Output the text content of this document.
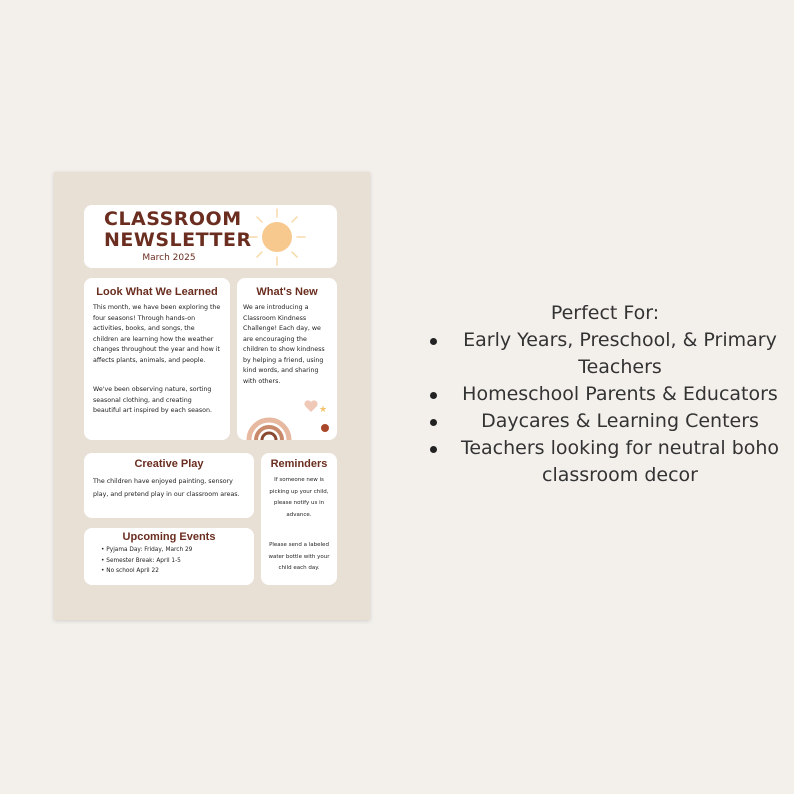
CLASSROOM NEWSLETTER
March 2025
Look What We Learned

This month, we have been exploring the four seasons! Through hands-on activities, books, and songs, the children are learning how the weather changes throughout the year and how it affects plants, animals, and people.

We've been observing nature, sorting seasonal clothing, and creating beautiful art inspired by each season.

What's New

We are introducing a Classroom Kindness Challenge! Each day, we are encouraging the children to show kindness by helping a friend, using kind words, and sharing with others.

★
Creative Play

The children have enjoyed painting, sensory play, and pretend play in our classroom areas.

Upcoming Events
• Pyjama Day: Friday, March 29
• Semester Break: April 1-5
• No school April 22
Reminders

If someone new is picking up your child, please notify us in advance.

Please send a labeled water bottle with your child each day.

Perfect For:
Early Years, Preschool, & Primary Teachers
Homeschool Parents & Educators
Daycares & Learning Centers
Teachers looking for neutral boho classroom decor
